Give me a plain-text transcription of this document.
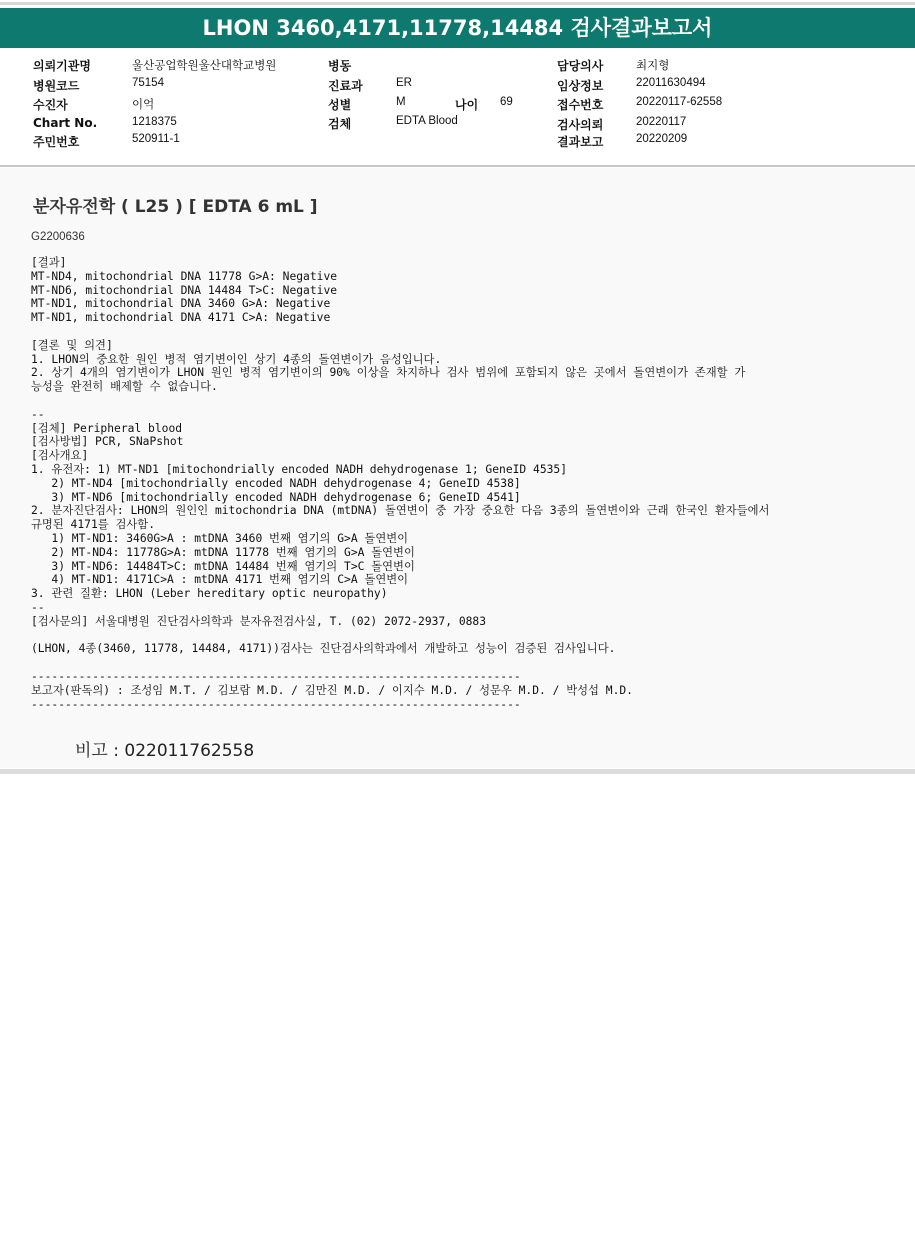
LHON 3460,4171,11778,14484 검사결과보고서
의뢰기관명	울산공업학원울산대학교병원
병원코드	75154
수진자	이억
Chart No.	1218375
주민번호	520911-1
병동
진료과	ER
성별	M	나이 69
검체	EDTA Blood
담당의사	최지형
임상정보	22011630494
접수번호	20220117-62558
검사의뢰	20220117
결과보고	20220209
분자유전학 ( L25 ) [ EDTA 6 mL ]
G2200636
[결과]
MT-ND4, mitochondrial DNA 11778 G>A: Negative
MT-ND6, mitochondrial DNA 14484 T>C: Negative
MT-ND1, mitochondrial DNA 3460 G>A: Negative
MT-ND1, mitochondrial DNA 4171 C>A: Negative
[결론 및 의견]
1. LHON의 중요한 원인 병적 염기변이인 상기 4종의 돌연변이가 음성입니다.
2. 상기 4개의 염기변이가 LHON 원인 병적 염기변이의 90% 이상을 차지하나 검사 범위에 포함되지 않은 곳에서 돌연변이가 존재할 가
능성을 완전히 배제할 수 없습니다.
--
[검체] Peripheral blood
[검사방법] PCR, SNaPshot
[검사개요]
1. 유전자: 1) MT-ND1 [mitochondrially encoded NADH dehydrogenase 1; GeneID 4535]
2) MT-ND4 [mitochondrially encoded NADH dehydrogenase 4; GeneID 4538]
3) MT-ND6 [mitochondrially encoded NADH dehydrogenase 6; GeneID 4541]
2. 분자진단검사: LHON의 원인인 mitochondria DNA (mtDNA) 돌연변이 중 가장 중요한 다음 3종의 돌연변이와 근래 한국인 환자들에서
규명된 4171를 검사함.
1) MT-ND1: 3460G>A : mtDNA 3460 번째 염기의 G>A 돌연변이
2) MT-ND4: 11778G>A: mtDNA 11778 번째 염기의 G>A 돌연변이
3) MT-ND6: 14484T>C: mtDNA 14484 번째 염기의 T>C 돌연변이
4) MT-ND1: 4171C>A : mtDNA 4171 번째 염기의 C>A 돌연변이
3. 관련 질환: LHON (Leber hereditary optic neuropathy)
--
[검사문의] 서울대병원 진단검사의학과 분자유전검사실, T. (02) 2072-2937, 0883
(LHON, 4종(3460, 11778, 14484, 4171))검사는 진단검사의학과에서 개발하고 성능이 검증된 검사입니다.
------------------------------------------------------------------------
보고자(판독의) : 조성임 M.T. / 김보람 M.D. / 김만진 M.D. / 이지수 M.D. / 성문우 M.D. / 박성섭 M.D.
------------------------------------------------------------------------
비고 : 022011762558
